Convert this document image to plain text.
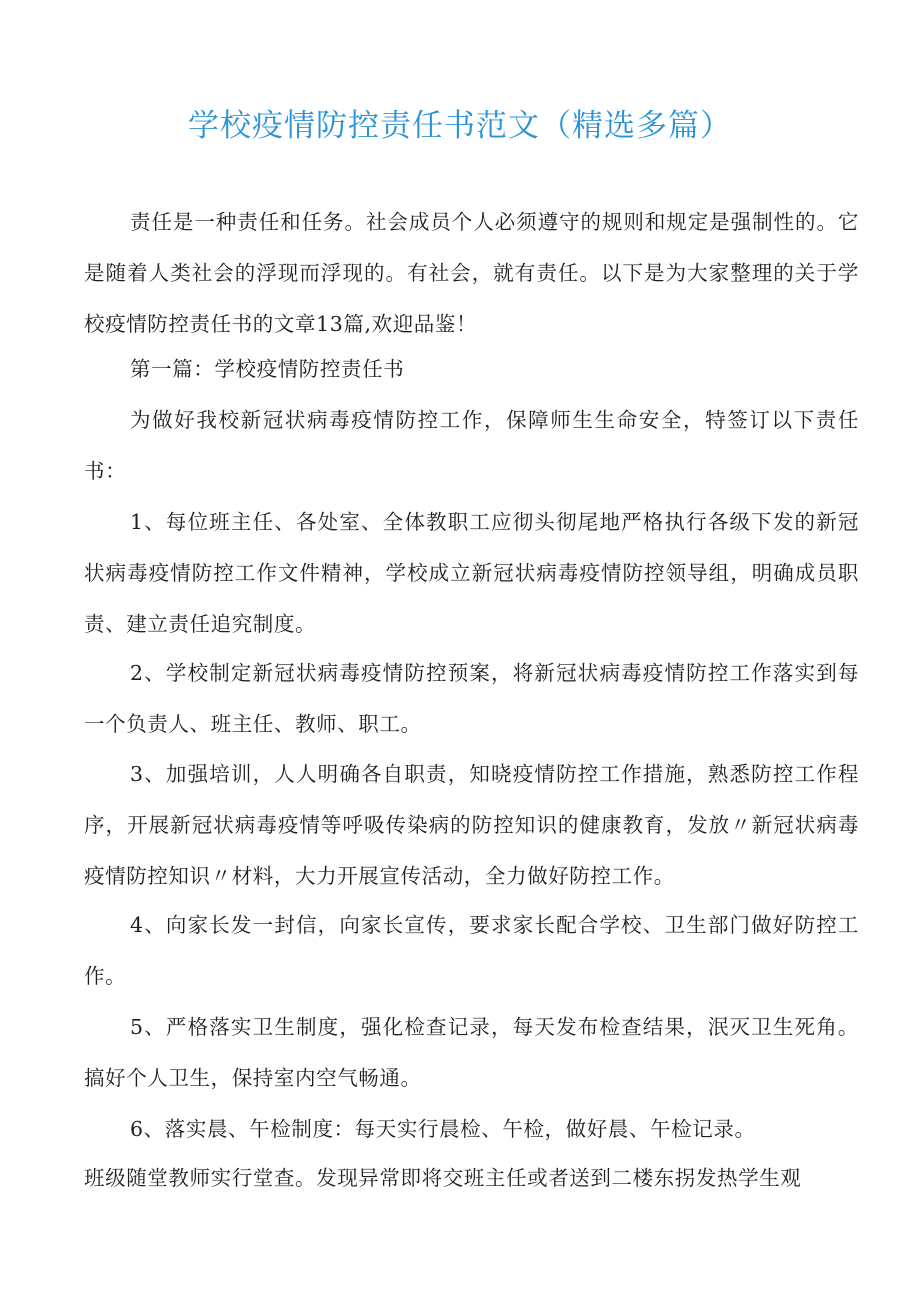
学校疫情防控责任书范文（精选多篇）

责任是一种责任和任务。社会成员个人必须遵守的规则和规定是强制性的。它是随着人类社会的浮现而浮现的。有社会，就有责任。以下是为大家整理的关于学校疫情防控责任书的文章13篇,欢迎品鉴！

第一篇：学校疫情防控责任书

为做好我校新冠状病毒疫情防控工作，保障师生生命安全，特签订以下责任书：

1、每位班主任、各处室、全体教职工应彻头彻尾地严格执行各级下发的新冠状病毒疫情防控工作文件精神，学校成立新冠状病毒疫情防控领导组，明确成员职责、建立责任追究制度。

2、学校制定新冠状病毒疫情防控预案，将新冠状病毒疫情防控工作落实到每一个负责人、班主任、教师、职工。

3、加强培训，人人明确各自职责，知晓疫情防控工作措施，熟悉防控工作程序，开展新冠状病毒疫情等呼吸传染病的防控知识的健康教育，发放〃新冠状病毒疫情防控知识〃材料，大力开展宣传活动，全力做好防控工作。

4、向家长发一封信，向家长宣传，要求家长配合学校、卫生部门做好防控工作。

5、严格落实卫生制度，强化检查记录，每天发布检查结果，泯灭卫生死角。搞好个人卫生，保持室内空气畅通。

6、落实晨、午检制度：每天实行晨检、午检，做好晨、午检记录。

班级随堂教师实行堂查。发现异常即将交班主任或者送到二楼东拐发热学生观
